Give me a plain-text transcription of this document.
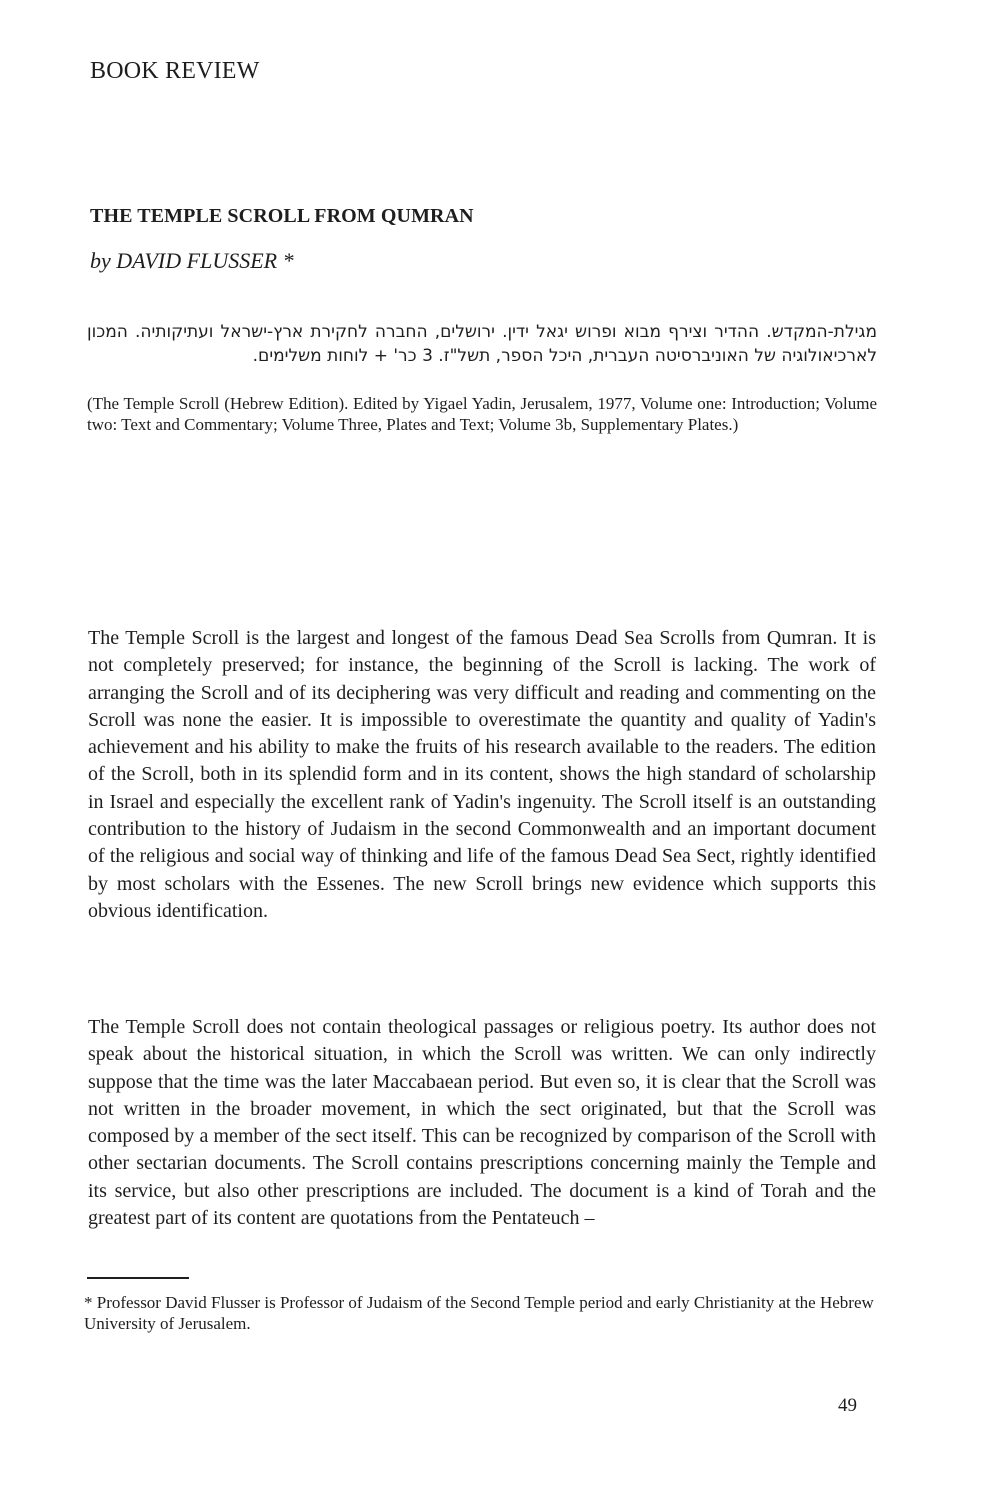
BOOK REVIEW
THE TEMPLE SCROLL FROM QUMRAN

by DAVID FLUSSER *

מגילת-המקדש. ההדיר וצירף מבוא ופרוש יגאל ידין. ירושלים, החברה לחקירת ארץ-ישראל ועתיקותיה. המכון לארכיאולוגיה של האוניברסיטה העברית, היכל הספר, תשל"ז. 3 כר' + לוחות משלימים.

(The Temple Scroll (Hebrew Edition). Edited by Yigael Yadin, Jerusalem, 1977, Volume one: Introduction; Volume two: Text and Commentary; Volume Three, Plates and Text; Volume 3b, Supplementary Plates.)

The Temple Scroll is the largest and longest of the famous Dead Sea Scrolls from Qumran. It is not completely preserved; for instance, the beginning of the Scroll is lacking. The work of arranging the Scroll and of its deciphering was very difficult and reading and commenting on the Scroll was none the easier. It is impossible to overestimate the quantity and quality of Yadin's achievement and his ability to make the fruits of his research available to the readers. The edition of the Scroll, both in its splendid form and in its content, shows the high standard of scholarship in Israel and especially the excellent rank of Yadin's ingenuity. The Scroll itself is an outstanding contribution to the history of Judaism in the second Commonwealth and an important document of the religious and social way of thinking and life of the famous Dead Sea Sect, rightly identified by most scholars with the Essenes. The new Scroll brings new evidence which supports this obvious identification.

The Temple Scroll does not contain theological passages or religious poetry. Its author does not speak about the historical situation, in which the Scroll was written. We can only indirectly suppose that the time was the later Maccabaean period. But even so, it is clear that the Scroll was not written in the broader movement, in which the sect originated, but that the Scroll was composed by a member of the sect itself. This can be recognized by comparison of the Scroll with other sectarian documents. The Scroll contains prescriptions concerning mainly the Temple and its service, but also other prescriptions are included. The document is a kind of Torah and the greatest part of its content are quotations from the Pentateuch –

* Professor David Flusser is Professor of Judaism of the Second Temple period and early Christianity at the Hebrew University of Jerusalem.

49
